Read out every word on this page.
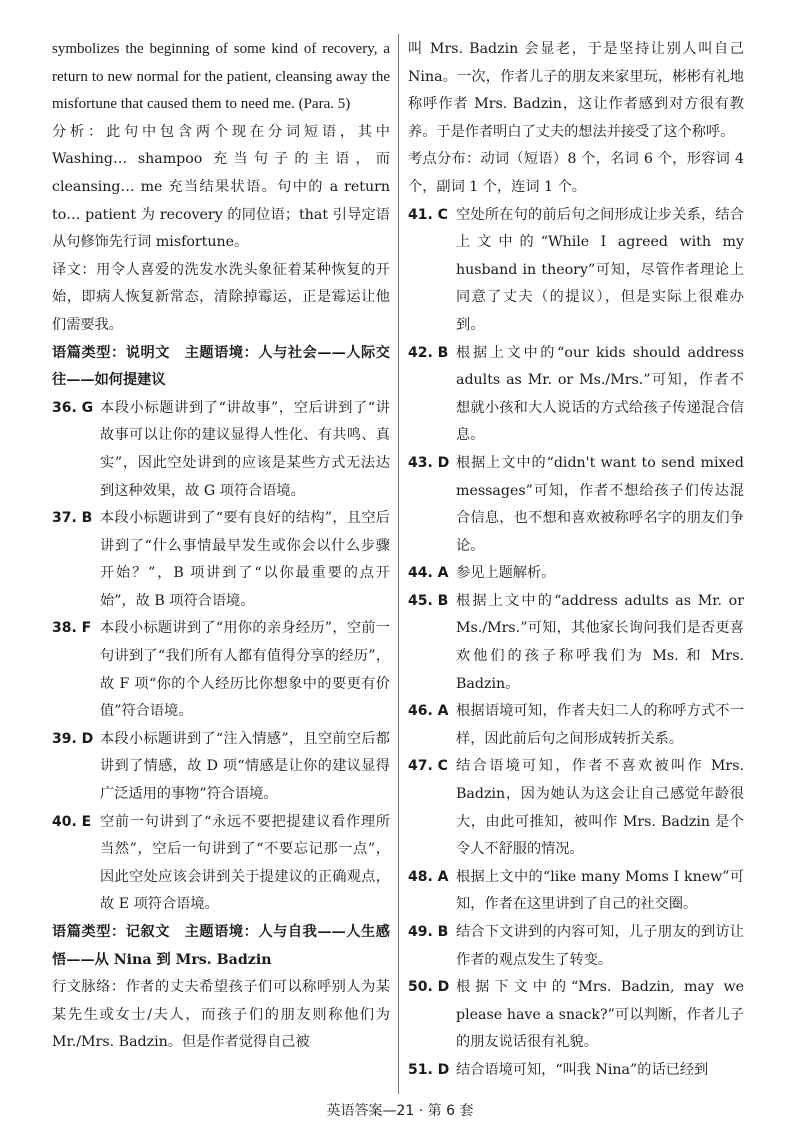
symbolizes the beginning of some kind of recovery, a return to new normal for the patient, cleansing away the misfortune that caused them to need me. (Para. 5)

分析：此句中包含两个现在分词短语，其中 Washing… shampoo 充当句子的主语，而 cleansing… me 充当结果状语。句中的 a return to… patient 为 recovery 的同位语；that 引导定语从句修饰先行词 misfortune。

译文：用令人喜爱的洗发水洗头象征着某种恢复的开始，即病人恢复新常态，清除掉霉运，正是霉运让他们需要我。

语篇类型：说明文　主题语境：人与社会——人际交往——如何提建议

36. G 本段小标题讲到了“讲故事”，空后讲到了“讲故事可以让你的建议显得人性化、有共鸣、真实”，因此空处讲到的应该是某些方式无法达到这种效果，故 G 项符合语境。
37. B 本段小标题讲到了“要有良好的结构”，且空后讲到了“什么事情最早发生或你会以什么步骤开始？”，B 项讲到了“以你最重要的点开始”，故 B 项符合语境。
38. F 本段小标题讲到了“用你的亲身经历”，空前一句讲到了“我们所有人都有值得分享的经历”，故 F 项“你的个人经历比你想象中的要更有价值”符合语境。
39. D 本段小标题讲到了“注入情感”，且空前空后都讲到了情感，故 D 项“情感是让你的建议显得广泛适用的事物”符合语境。
40. E 空前一句讲到了“永远不要把提建议看作理所当然”，空后一句讲到了“不要忘记那一点”，因此空处应该会讲到关于提建议的正确观点，故 E 项符合语境。

语篇类型：记叙文　主题语境：人与自我——人生感悟——从 Nina 到 Mrs. Badzin

行文脉络：作者的丈夫希望孩子们可以称呼别人为某某先生或女士/夫人，而孩子们的朋友则称他们为 Mr./Mrs. Badzin。但是作者觉得自己被

叫 Mrs. Badzin 会显老，于是坚持让别人叫自己 Nina。一次，作者儿子的朋友来家里玩，彬彬有礼地称呼作者 Mrs. Badzin，这让作者感到对方很有教养。于是作者明白了丈夫的想法并接受了这个称呼。

考点分布：动词（短语）8 个，名词 6 个，形容词 4 个，副词 1 个，连词 1 个。

41. C 空处所在句的前后句之间形成让步关系，结合上文中的“While I agreed with my husband in theory”可知，尽管作者理论上同意了丈夫（的提议），但是实际上很难办到。
42. B 根据上文中的“our kids should address adults as Mr. or Ms./Mrs.”可知，作者不想就小孩和大人说话的方式给孩子传递混合信息。
43. D 根据上文中的“didn't want to send mixed messages”可知，作者不想给孩子们传达混合信息，也不想和喜欢被称呼名字的朋友们争论。
44. A 参见上题解析。
45. B 根据上文中的“address adults as Mr. or Ms./Mrs.”可知，其他家长询问我们是否更喜欢他们的孩子称呼我们为 Ms. 和 Mrs. Badzin。
46. A 根据语境可知，作者夫妇二人的称呼方式不一样，因此前后句之间形成转折关系。
47. C 结合语境可知，作者不喜欢被叫作 Mrs. Badzin，因为她认为这会让自己感觉年龄很大，由此可推知，被叫作 Mrs. Badzin 是个令人不舒服的情况。
48. A 根据上文中的“like many Moms I knew”可知，作者在这里讲到了自己的社交圈。
49. B 结合下文讲到的内容可知，儿子朋友的到访让作者的观点发生了转变。
50. D 根据下文中的“Mrs. Badzin, may we please have a snack?”可以判断，作者儿子的朋友说话很有礼貌。
51. D 结合语境可知，“叫我 Nina”的话已经到
英语答案—21 · 第 6 套
